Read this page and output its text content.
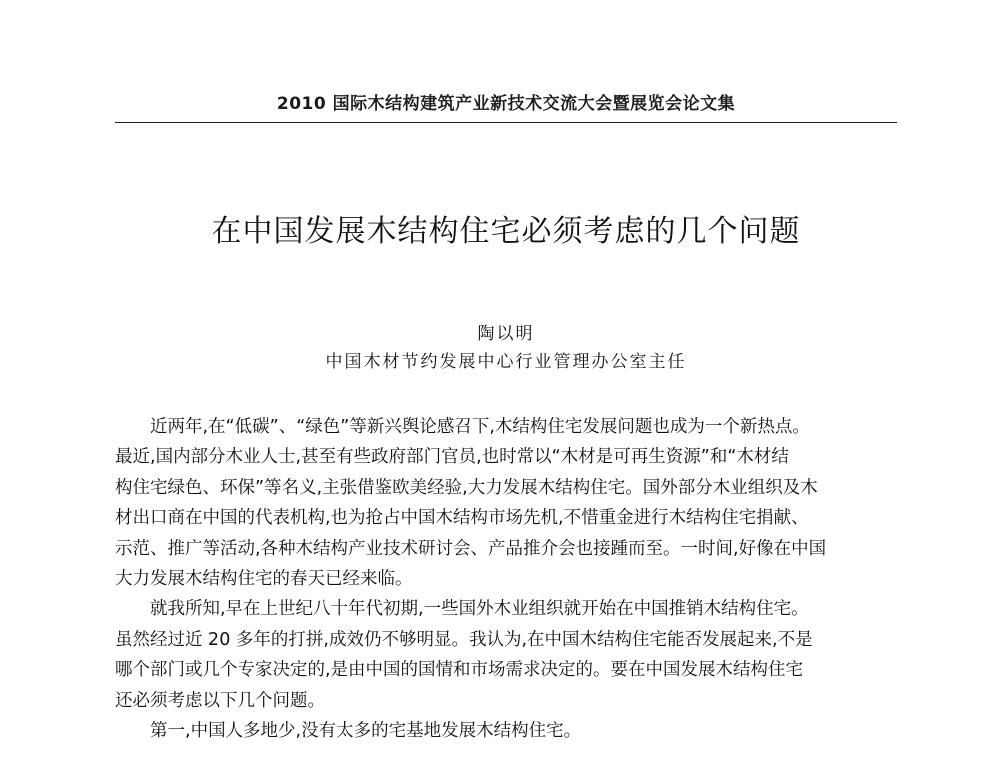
2010 国际木结构建筑产业新技术交流大会暨展览会论文集
在中国发展木结构住宅必须考虑的几个问题
陶以明
中国木材节约发展中心行业管理办公室主任

近两年,在“低碳”、“绿色”等新兴舆论感召下,木结构住宅发展问题也成为一个新热点。
最近,国内部分木业人士,甚至有些政府部门官员,也时常以“木材是可再生资源”和“木材结
构住宅绿色、环保”等名义,主张借鉴欧美经验,大力发展木结构住宅。国外部分木业组织及木
材出口商在中国的代表机构,也为抢占中国木结构市场先机,不惜重金进行木结构住宅捐献、
示范、推广等活动,各种木结构产业技术研讨会、产品推介会也接踵而至。一时间,好像在中国
大力发展木结构住宅的春天已经来临。

就我所知,早在上世纪八十年代初期,一些国外木业组织就开始在中国推销木结构住宅。
虽然经过近 20 多年的打拼,成效仍不够明显。我认为,在中国木结构住宅能否发展起来,不是
哪个部门或几个专家决定的,是由中国的国情和市场需求决定的。要在中国发展木结构住宅
还必须考虑以下几个问题。

第一,中国人多地少,没有太多的宅基地发展木结构住宅。
